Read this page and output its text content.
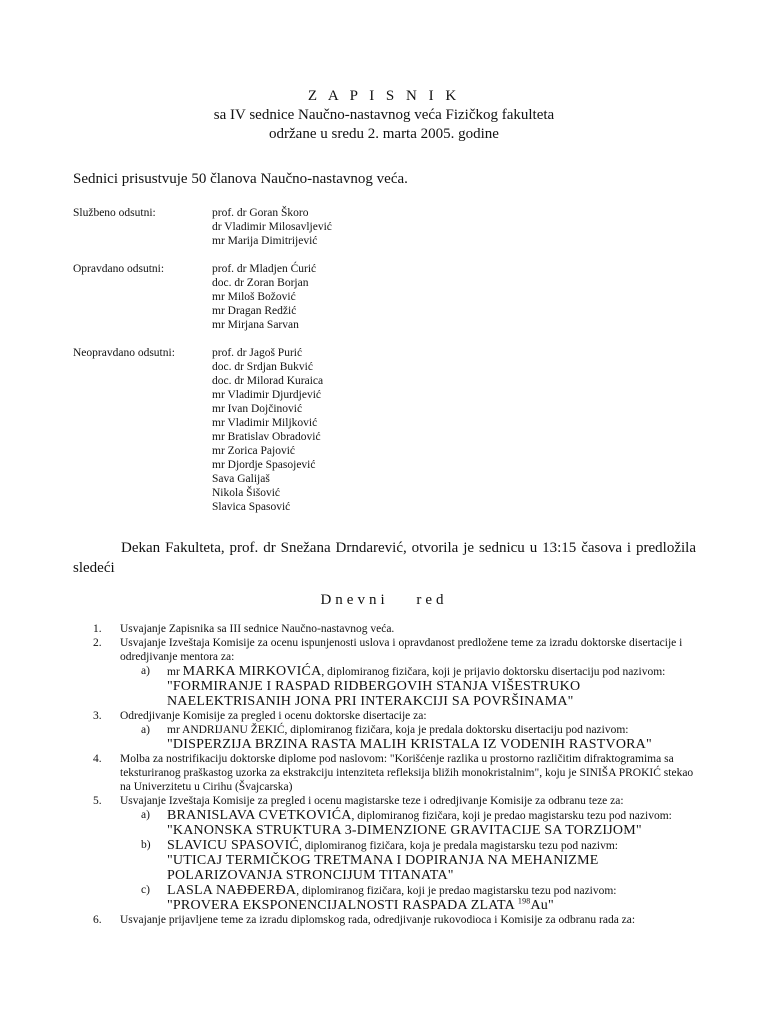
Z A P I S N I K
sa IV sednice Naučno-nastavnog veća Fizičkog fakulteta
održane u sredu 2. marta 2005. godine
Sednici prisustvuje 50 članova Naučno-nastavnog veća.
Službeno odsutni:	prof. dr Goran Škoro
dr Vladimir Milosavljević
mr Marija Dimitrijević
Opravdano odsutni:	prof. dr Mladjen Ćurić
doc. dr Zoran Borjan
mr Miloš Božović
mr Dragan Redžić
mr Mirjana Sarvan
Neopravdano odsutni:	prof. dr Jagoš Purić
doc. dr Srdjan Bukvić
doc. dr Milorad Kuraica
mr Vladimir Djurdjević
mr Ivan Dojčinović
mr Vladimir Miljković
mr Bratislav Obradović
mr Zorica Pajović
mr Djordje Spasojević
Sava Galijaš
Nikola Šišović
Slavica Spasović
Dekan Fakulteta, prof. dr Snežana Drndarević, otvorila je sednicu u 13:15 časova i predložila sledeći
Dnevni red
1. Usvajanje Zapisnika sa III sednice Naučno-nastavnog veća.
2. Usvajanje Izveštaja Komisije za ocenu ispunjenosti uslova i opravdanost predložene teme za izradu doktorske disertacije i odredjivanje mentora za:
a) mr MARKA MIRKOVIĆA, diplomiranog fizičara, koji je prijavio doktorsku disertaciju pod nazivom: "FORMIRANJE I RASPAD RIDBERGOVIH STANJA VIŠESTRUKO NAELEKTRISANIH JONA PRI INTERAKCIJI SA POVRŠINAMA"
3. Odredjivanje Komisije za pregled i ocenu doktorske disertacije za:
a) mr ANDRIJANU ŽEKIĆ, diplomiranog fizičara, koja je predala doktorsku disertaciju pod nazivom:
"DISPERZIJA BRZINA RASTA MALIH KRISTALA IZ VODENIH RASTVORA"
4. Molba za nostrifikaciju doktorske diplome pod naslovom: "Korišćenje razlika u prostorno različitim difraktogramima sa teksturiranog praškastog uzorka za ekstrakciju intenziteta refleksija bližih monokristalnim", koju je SINIŠA PROKIĆ stekao na Univerzitetu u Cirihu (Švajcarska)
5. Usvajanje Izveštaja Komisije za pregled i ocenu magistarske teze i odredjivanje Komisije za odbranu teze za:
a) BRANISLAVA CVETKOVIĆA, diplomiranog fizičara, koji je predao magistarsku tezu pod nazivom: "KANONSKA STRUKTURA 3-DIMENZIONE GRAVITACIJE SA TORZIJOM"
b) SLAVICU SPASOVIĆ, diplomiranog fizičara, koja je predala magistarsku tezu pod nazivm:
"UTICAJ TERMIČKOG TRETMANA I DOPIRANJA NA MEHANIZME POLARIZOVANJA STRONCIJUM TITANATA"
c) LASLA NAĐĐERĐA, diplomiranog fizičara, koji je predao magistarsku tezu pod nazivom:
"PROVERA EKSPONENCIJALNOSTI RASPADA ZLATA $^{198}$Au"
6. Usvajanje prijavljene teme za izradu diplomskog rada, odredjivanje rukovodioca i Komisije za odbranu rada za:
